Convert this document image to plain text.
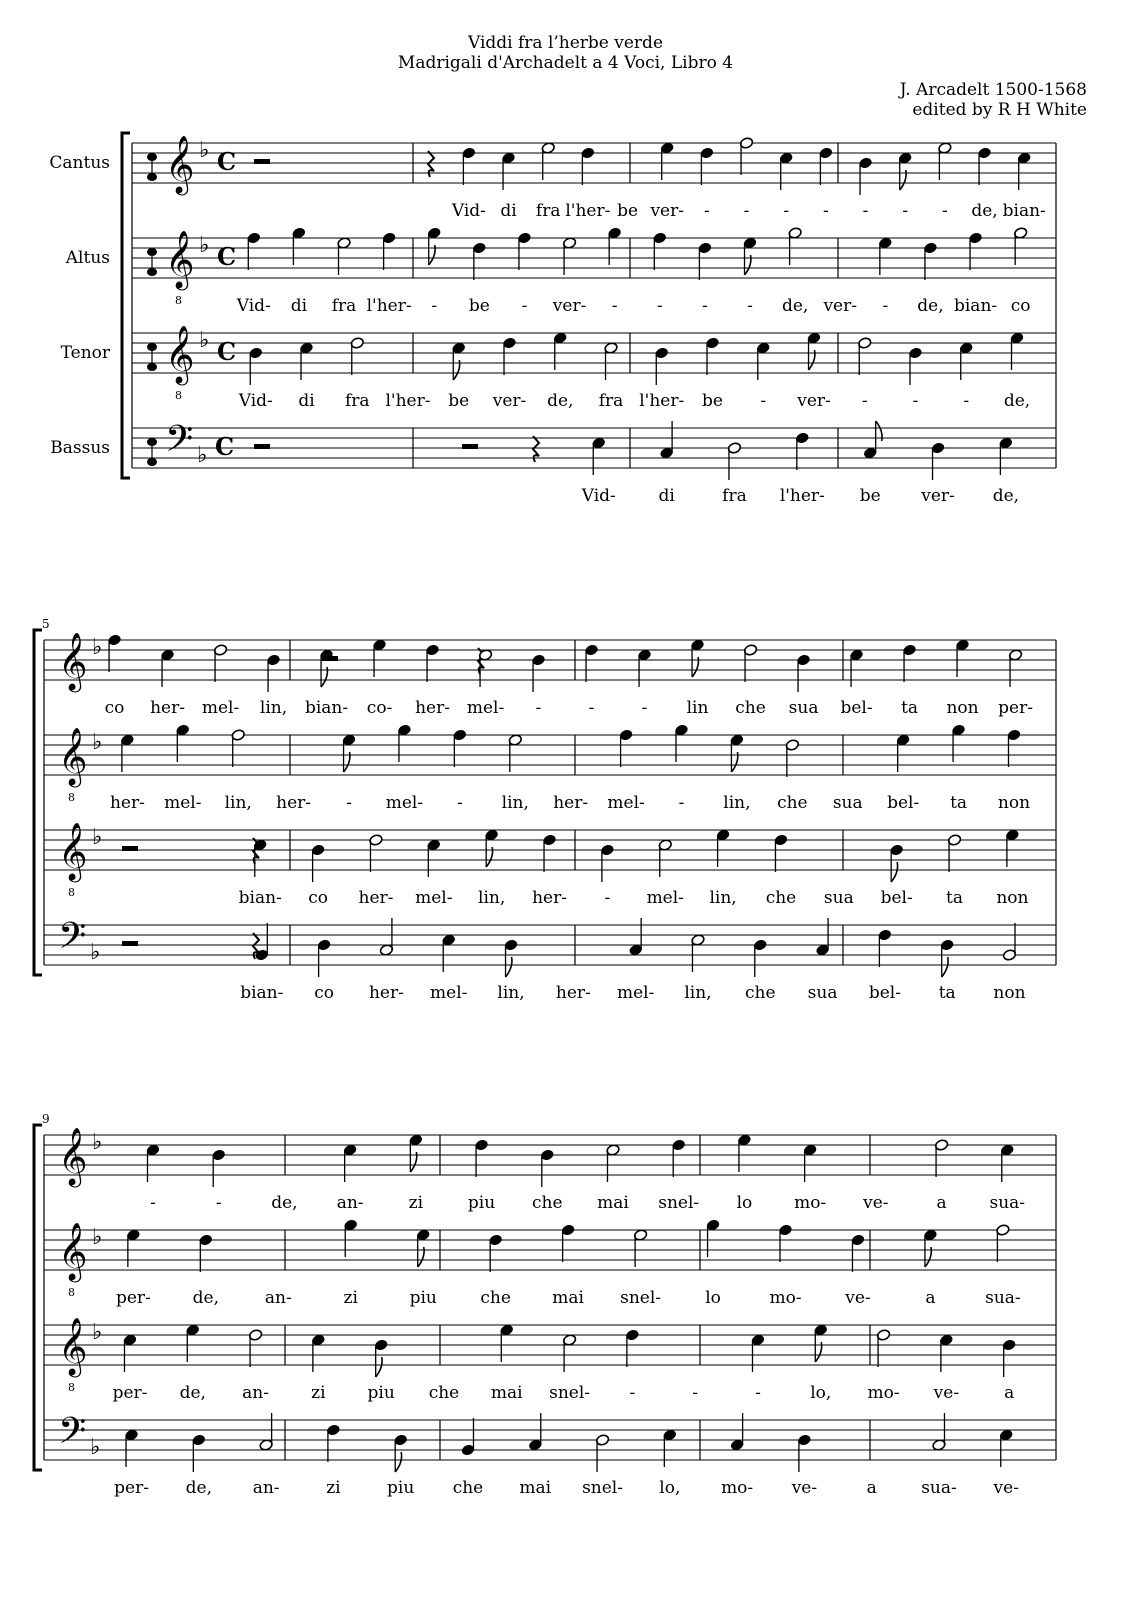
Viddi fra l’herbe verde
Madrigali d'Archadelt a 4 Voci, Libro 4
J. Arcadelt 1500-1568
edited by R H White
Cantus 𝄞 ♭ C
Vid- di fra l'her- be ver- - - - - - - - de, bian-
Altus 𝄞
8
♭ C
Vid- di fra l'her- - be - ver- - - - - de, ver- - de, bian- co
Tenor 𝄞
8
♭ C
Vid- di fra l'her- be ver- de, fra l'her- be - ver- -	-	- de,
Bassus 𝄢 ♭ C
Vid-	di	fra l'her- be ver- de,
5
𝄞 ♭
co her- mel- lin, bian- co- her- mel- -	-	- lin che sua bel- ta non per-
𝄞
8
♭
her- mel- lin, her- - mel- - lin, her- mel- - lin, che sua bel- ta non
𝄞
8
♭
bian- co her- mel- lin, her- - mel- lin, che sua bel- ta non
𝄢 ♭
bian- co her- mel- lin, her- mel- lin, che sua bel- ta non
9
𝄞 ♭
-	-	de, an-	zi	piu che mai snel- lo mo- ve-	a	sua-
𝄞
8
♭
per- de,	an-	zi	piu	che mai snel-	lo	mo-	ve-	a	sua-
𝄞
8
♭
per- de, an- zi piu che mai snel- -	-	-	lo, mo- ve-	a
𝄢 ♭
per- de, an-	zi	piu che mai snel- lo, mo- ve-	a	sua- ve-
